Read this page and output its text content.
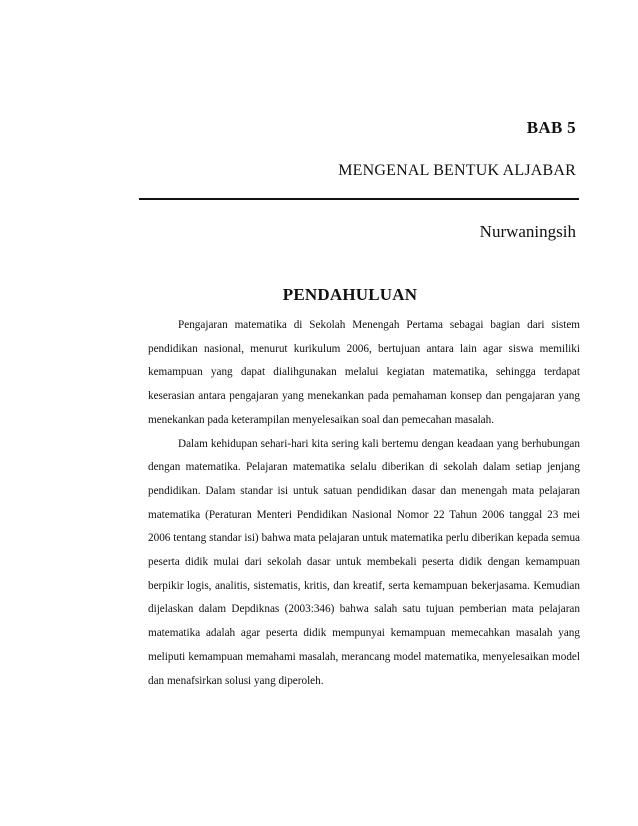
BAB 5
MENGENAL BENTUK ALJABAR
Nurwaningsih
PENDAHULUAN

Pengajaran matematika di Sekolah Menengah Pertama sebagai bagian dari sistem pendidikan nasional, menurut kurikulum 2006, bertujuan antara lain agar siswa memiliki kemampuan yang dapat dialihgunakan melalui kegiatan matematika, sehingga terdapat keserasian antara pengajaran yang menekankan pada pemahaman konsep dan pengajaran yang menekankan pada keterampilan menyelesaikan soal dan pemecahan masalah.

Dalam kehidupan sehari-hari kita sering kali bertemu dengan keadaan yang berhubungan dengan matematika. Pelajaran matematika selalu diberikan di sekolah dalam setiap jenjang pendidikan. Dalam standar isi untuk satuan pendidikan dasar dan menengah mata pelajaran matematika (Peraturan Menteri Pendidikan Nasional Nomor 22 Tahun 2006 tanggal 23 mei 2006 tentang standar isi) bahwa mata pelajaran untuk matematika perlu diberikan kepada semua peserta didik mulai dari sekolah dasar untuk membekali peserta didik dengan kemampuan berpikir logis, analitis, sistematis, kritis, dan kreatif, serta kemampuan bekerjasama. Kemudian dijelaskan dalam Depdiknas (2003:346) bahwa salah satu tujuan pemberian mata pelajaran matematika adalah agar peserta didik mempunyai kemampuan memecahkan masalah yang meliputi kemampuan memahami masalah, merancang model matematika, menyelesaikan model dan menafsirkan solusi yang diperoleh.
